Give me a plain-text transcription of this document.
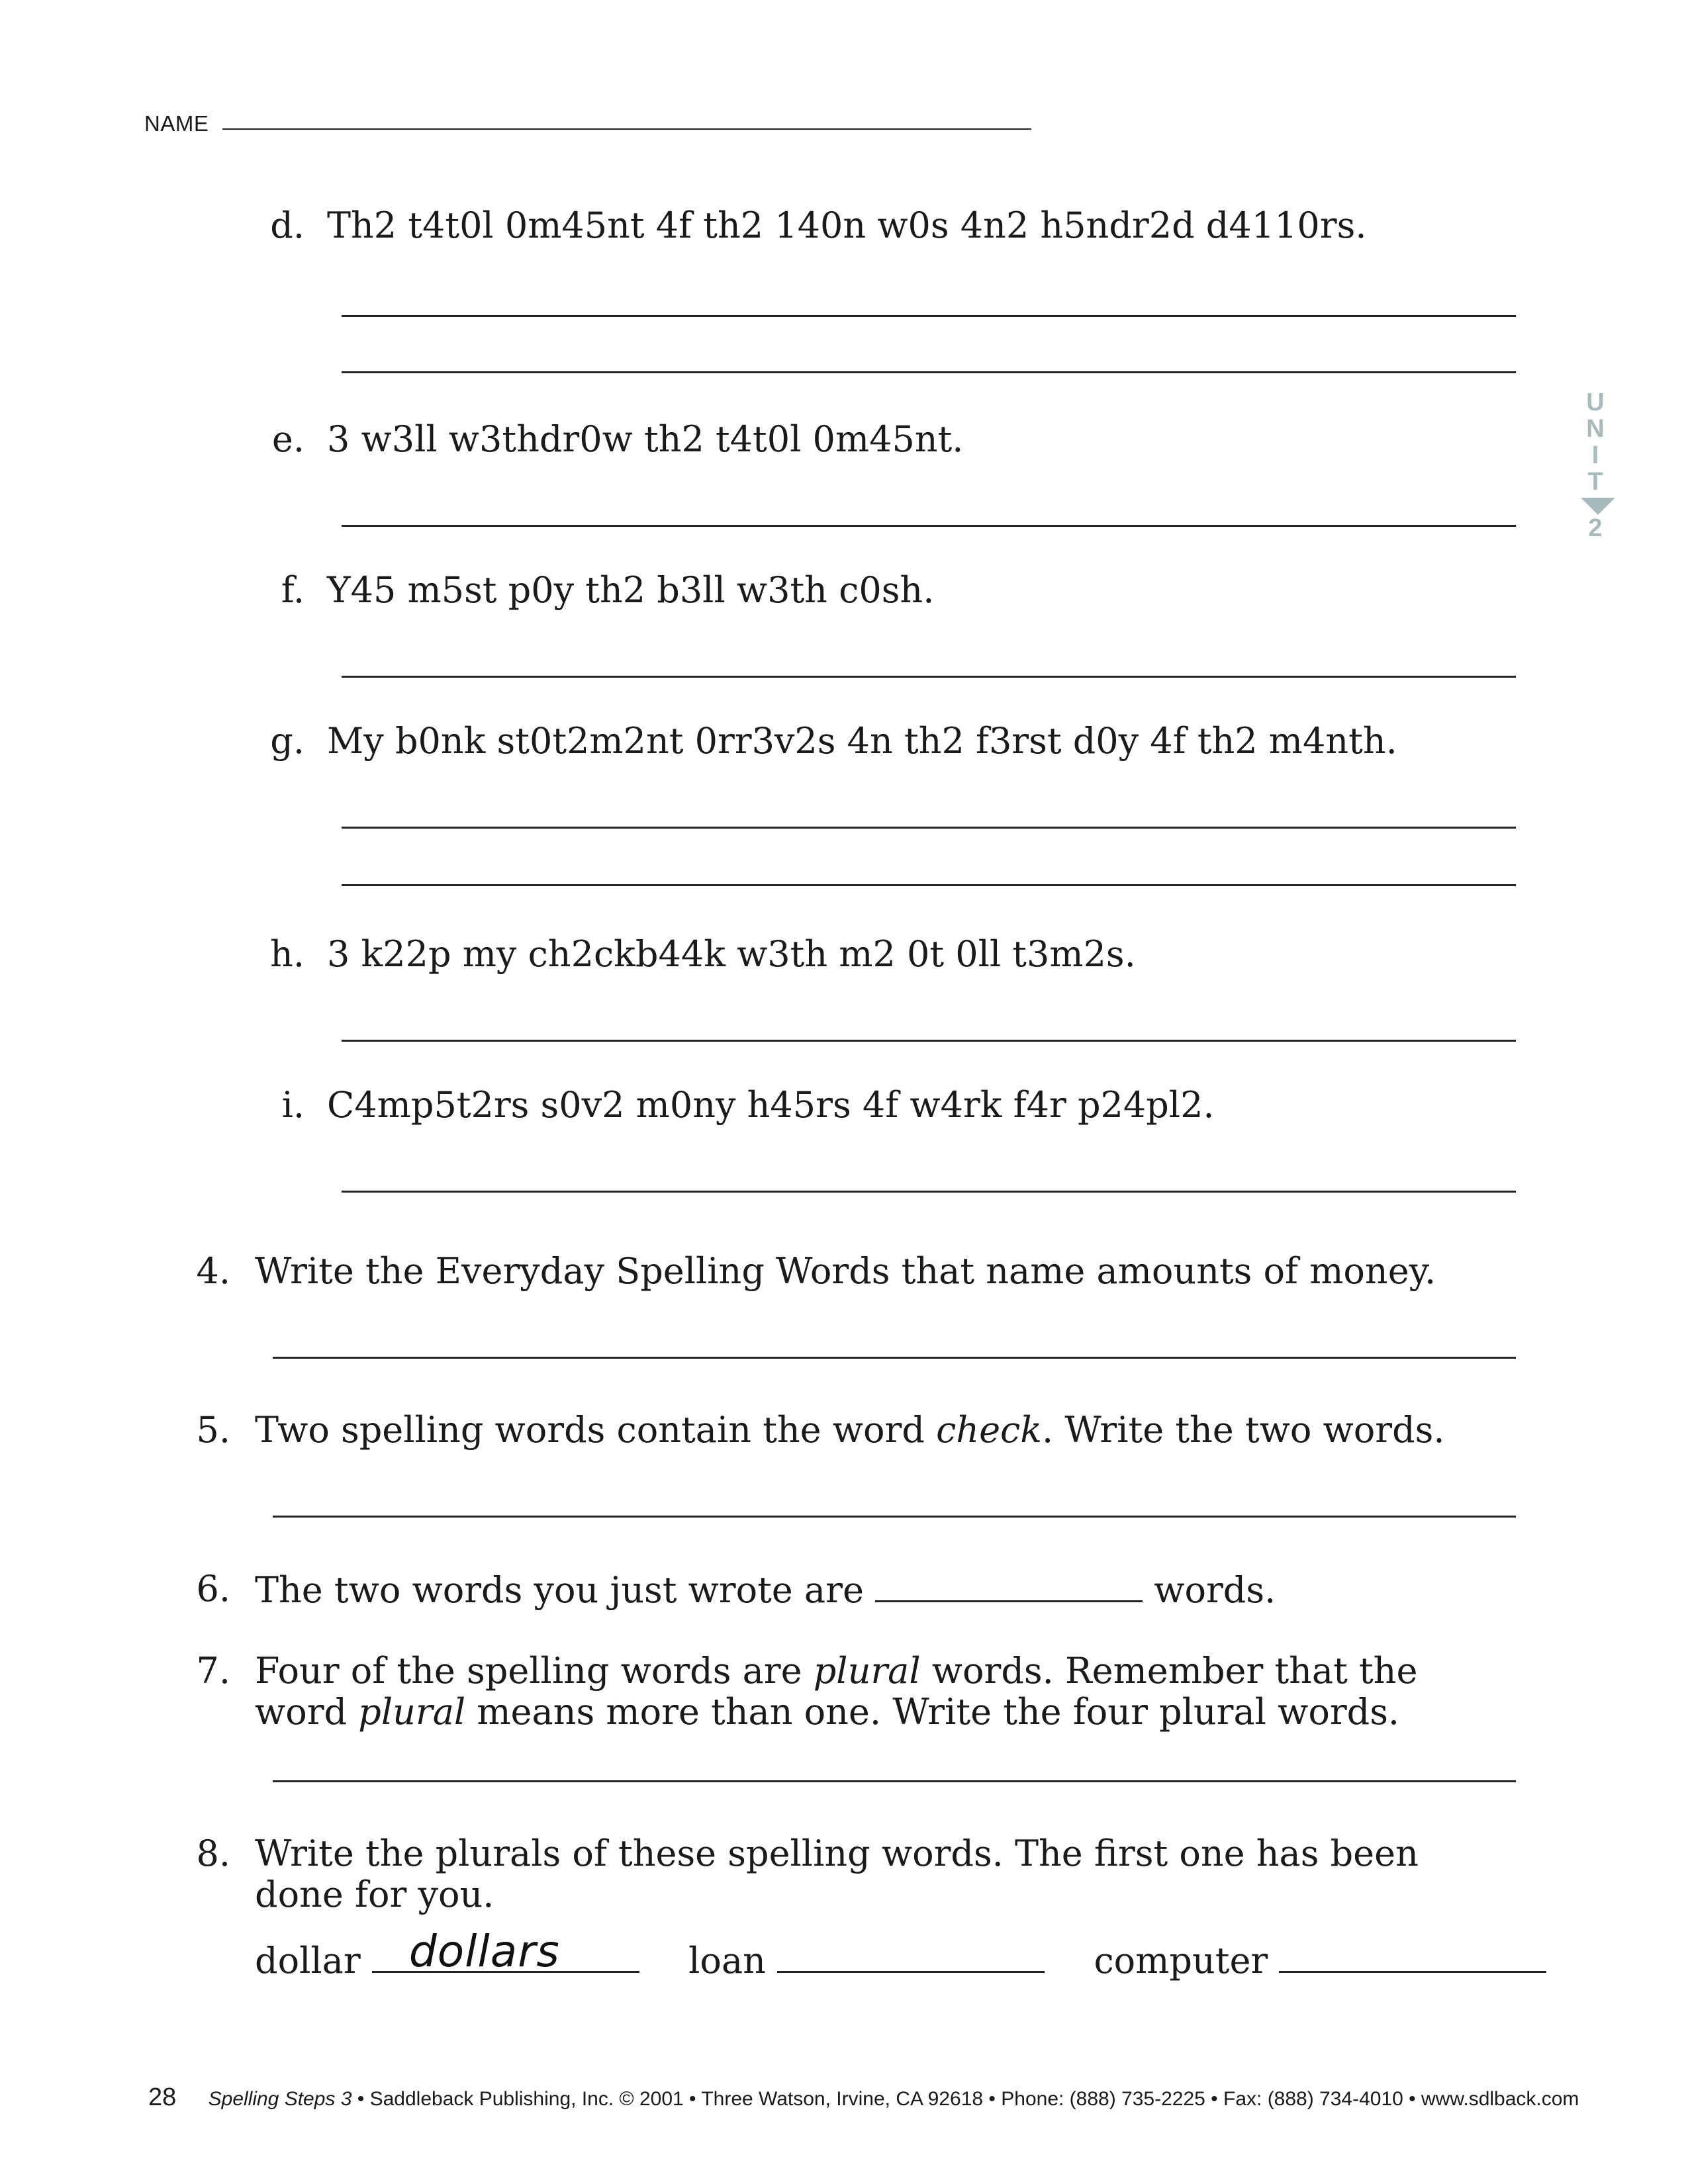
NAME
U
N
I
T
2
d. Th2 t4t0l 0m45nt 4f th2 140n w0s 4n2 h5ndr2d d4110rs.
e. 3 w3ll w3thdr0w th2 t4t0l 0m45nt.
f. Y45 m5st p0y th2 b3ll w3th c0sh.
g. My b0nk st0t2m2nt 0rr3v2s 4n th2 f3rst d0y 4f th2 m4nth.
h. 3 k22p my ch2ckb44k w3th m2 0t 0ll t3m2s.
i. C4mp5t2rs s0v2 m0ny h45rs 4f w4rk f4r p24pl2.
4. Write the Everyday Spelling Words that name amounts of money.
5. Two spelling words contain the word check. Write the two words.
6. The two words you just wrote are	words.
7. Four of the spelling words are plural words. Remember that the
word plural means more than one. Write the four plural words.
8. Write the plurals of these spelling words. The first one has been
done for you.
dollar dollars	loan	computer
28 Spelling Steps 3 • Saddleback Publishing, Inc. © 2001 • Three Watson, Irvine, CA 92618 • Phone: (888) 735-2225 • Fax: (888) 734-4010 • www.sdlback.com
